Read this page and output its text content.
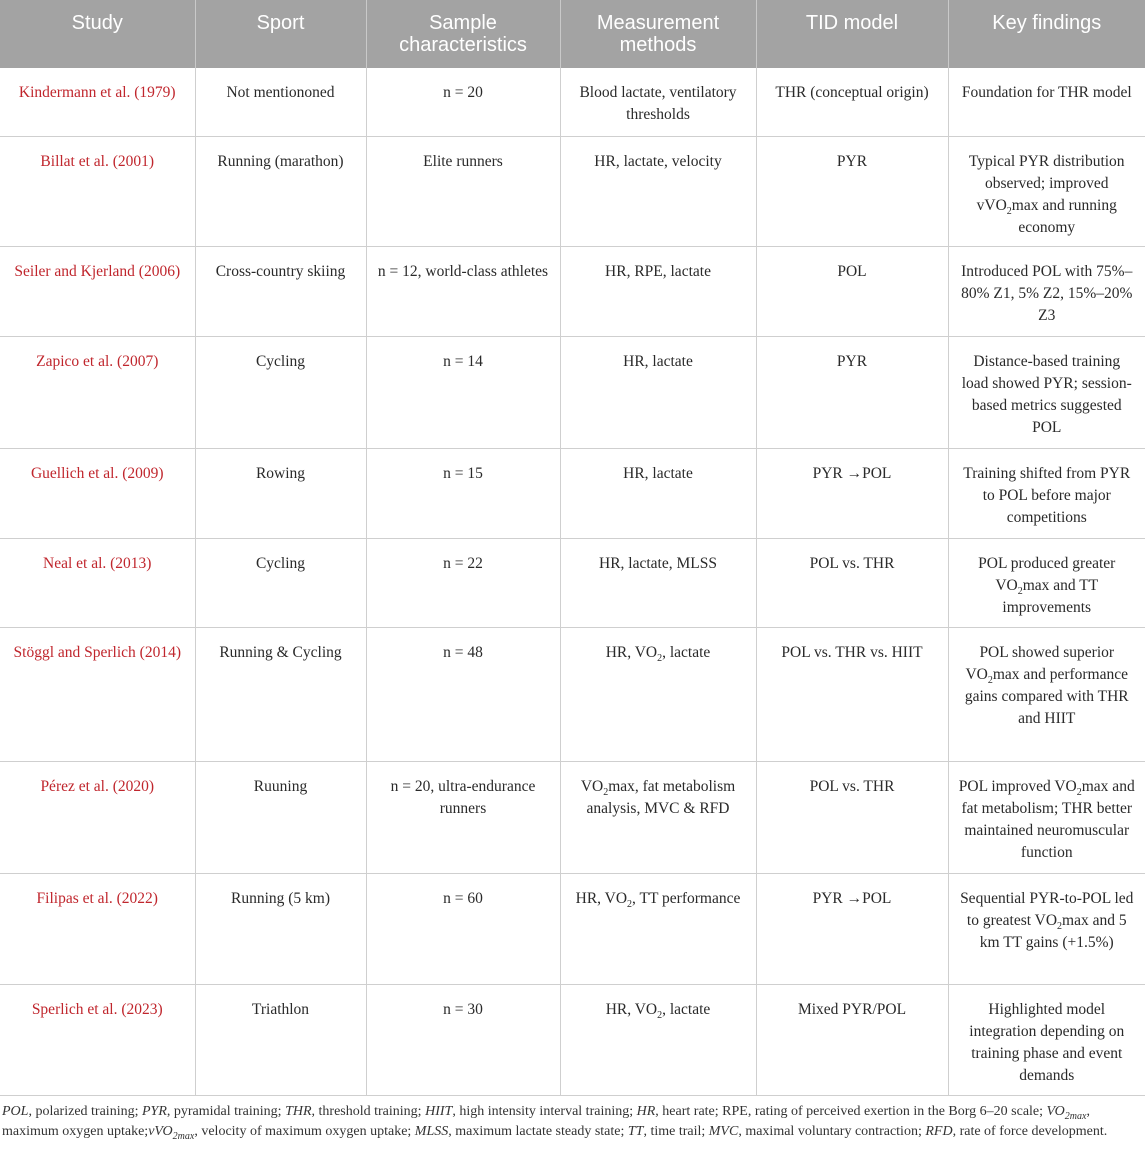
Study	Sport	Sample characteristics	Measurement methods	TID model	Key findings
Kindermann et al. (1979)	Not mentiononed	n = 20	Blood lactate, ventilatory thresholds	THR (conceptual origin)	Foundation for THR model
Billat et al. (2001)	Running (marathon)	Elite runners	HR, lactate, velocity	PYR	Typical PYR distribution observed; improved vVO$_2$max and running economy
Seiler and Kjerland (2006)	Cross-country skiing	n = 12, world-class athletes	HR, RPE, lactate	POL	Introduced POL with 75%–80% Z1, 5% Z2, 15%–20% Z3
Zapico et al. (2007)	Cycling	n = 14	HR, lactate	PYR	Distance-based training load showed PYR; session-based metrics suggested POL
Guellich et al. (2009)	Rowing	n = 15	HR, lactate	PYR →POL	Training shifted from PYR to POL before major competitions
Neal et al. (2013)	Cycling	n = 22	HR, lactate, MLSS	POL vs. THR	POL produced greater $VO_2\max$ and TT improvements
Stöggl and Sperlich (2014)	Running & Cycling	n = 48	HR, $VO_2$, lactate	POL vs. THR vs. HIIT	POL showed superior $VO_2\max$ and performance gains compared with THR and HIIT
Pérez et al. (2020)	Ruuning	n = 20, ultra-endurance runners	$VO_2\max$, fat metabolism analysis, MVC & RFD	POL vs. THR	POL improved $VO_2\max$ and fat metabolism; THR better maintained neuromuscular function
Filipas et al. (2022)	Running (5 km)	n = 60	HR, $VO_2$, TT performance	PYR →POL	Sequential PYR-to-POL led to greatest $VO_2\max$ and 5 km TT gains (+1.5%)
Sperlich et al. (2023)	Triathlon	n = 30	HR, $VO_2$, lactate	Mixed PYR/POL	Highlighted model integration depending on training phase and event demands
POL, polarized training; PYR, pyramidal training; THR, threshold training; HIIT, high intensity interval training; HR, heart rate; RPE, rating of perceived exertion in the Borg 6–20 scale; $VO_{2max}$, maximum oxygen uptake;vVO$_{2max}$, velocity of maximum oxygen uptake; MLSS, maximum lactate steady state; TT, time trail; MVC, maximal voluntary contraction; RFD, rate of force development.
